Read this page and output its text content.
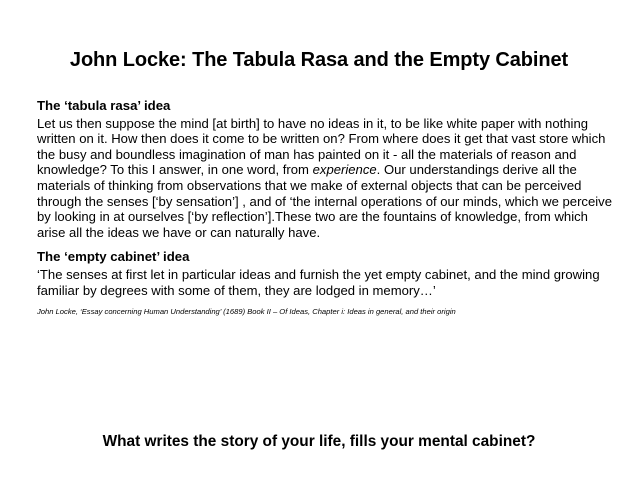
John Locke: The Tabula Rasa and the Empty Cabinet
The ‘tabula rasa’ idea

Let us then suppose the mind [at birth] to have no ideas in it, to be like white paper with nothing written on it. How then does it come to be written on? From where does it get that vast store which the busy and boundless imagination of man has painted on it - all the materials of reason and knowledge? To this I answer, in one word, from experience. Our understandings derive all the materials of thinking from observations that we make of external objects that can be perceived through the senses [‘by sensation’] , and of ‘the internal operations of our minds, which we perceive by looking in at ourselves [‘by reflection’].These two are the fountains of knowledge, from which arise all the ideas we have or can naturally have.

The ‘empty cabinet’ idea

‘The senses at first let in particular ideas and furnish the yet empty cabinet, and the mind growing familiar by degrees with some of them, they are lodged in memory…’

John Locke, ‘Essay concerning Human Understanding’ (1689) Book II – Of Ideas, Chapter i: Ideas in general, and their origin
What writes the story of your life, fills your mental cabinet?
